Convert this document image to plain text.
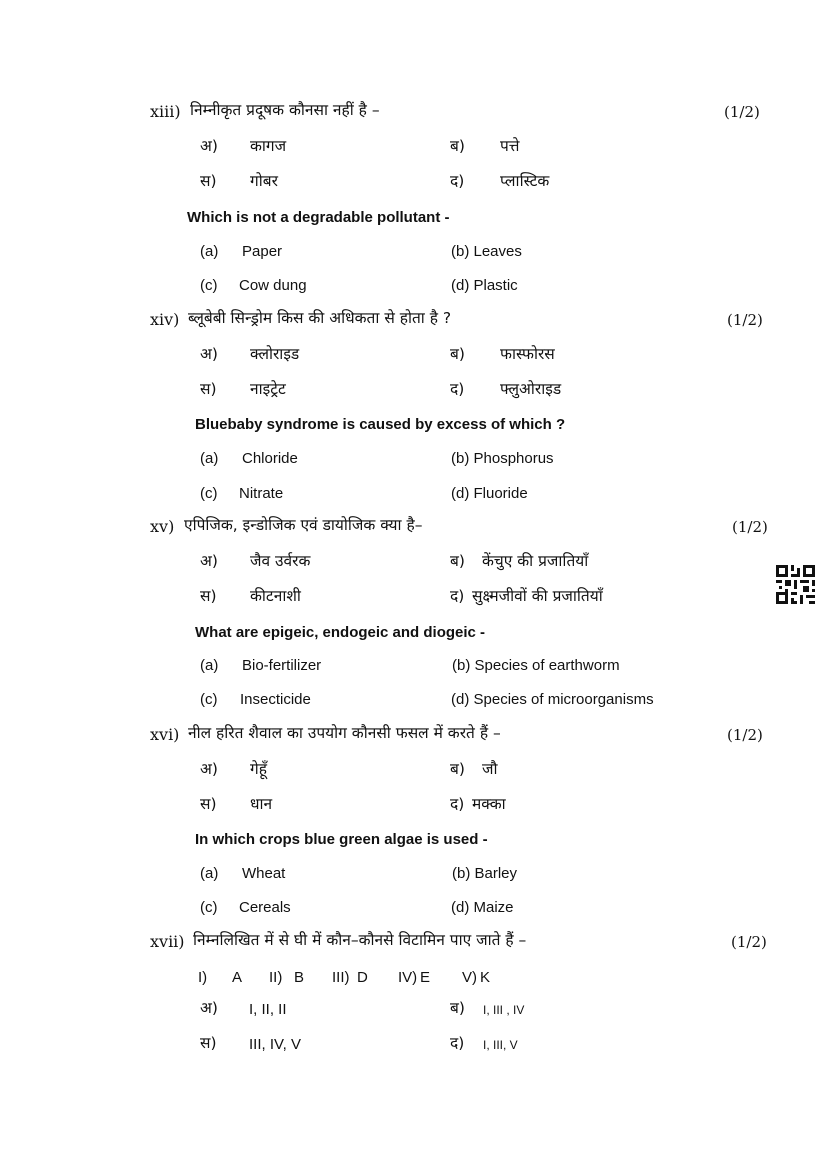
xiii) निम्नीकृत प्रदूषक कौनसा नहीं है –	(1/2)
अ) कागज	ब) पत्ते
स) गोबर	द) प्लास्टिक
Which is not a degradable pollutant -
(a) Paper	(b) Leaves
(c) Cow dung	(d) Plastic
xiv) ब्लूबेबी सिन्ड्रोम किस की अधिकता से होता है ?	(1/2)
अ) क्लोराइड	ब) फास्फोरस
स) नाइट्रेट	द) फ्लुओराइड
Bluebaby syndrome is caused by excess of which ?
(a) Chloride	(b) Phosphorus
(c) Nitrate	(d) Fluoride
xv) एपिजिक, इन्डोजिक एवं डायोजिक क्या है–	(1/2)
अ) जैव उर्वरक	ब) केंचुए की प्रजातियाँ
स) कीटनाशी	द) सुक्ष्मजीवों की प्रजातियाँ
What are epigeic, endogeic and diogeic -
(a) Bio-fertilizer	(b) Species of earthworm
(c) Insecticide	(d) Species of microorganisms
xvi) नील हरित शैवाल का उपयोग कौनसी फसल में करते हैं –	(1/2)
अ) गेहूँ	ब) जौ
स) धान	द) मक्का
In which crops blue green algae is used -
(a) Wheat	(b) Barley
(c) Cereals	(d) Maize
xvii) निम्नलिखित में से घी में कौन–कौनसे विटामिन पाए जाते हैं –	(1/2)
I) A II) B III) D IV) E V) K
अ) I, II, II	ब) I, III , IV
स) III, IV, V	द) I, III, V
